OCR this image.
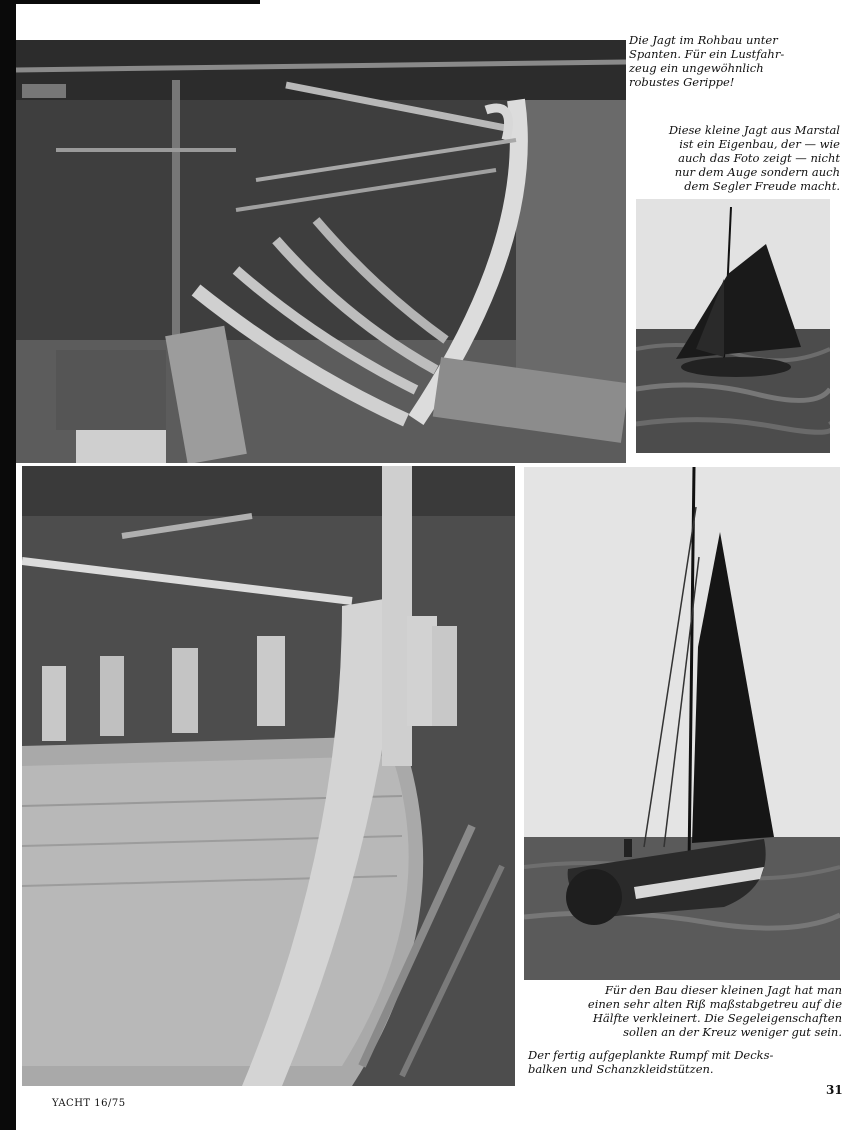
Die Jagt im Rohbau unter
Spanten. Für ein Lustfahr-
zeug ein ungewöhnlich
robustes Gerippe!
Diese kleine Jagt aus Marstal
ist ein Eigenbau, der — wie
auch das Foto zeigt — nicht
nur dem Auge sondern auch
dem Segler Freude macht.
Für den Bau dieser kleinen Jagt hat man
einen sehr alten Riß maßstabgetreu auf die
Hälfte verkleinert. Die Segeleigenschaften
sollen an der Kreuz weniger gut sein.
Der fertig aufgeplankte Rumpf mit Decks-
balken und Schanzkleidstützen.
YACHT 16/75
31
